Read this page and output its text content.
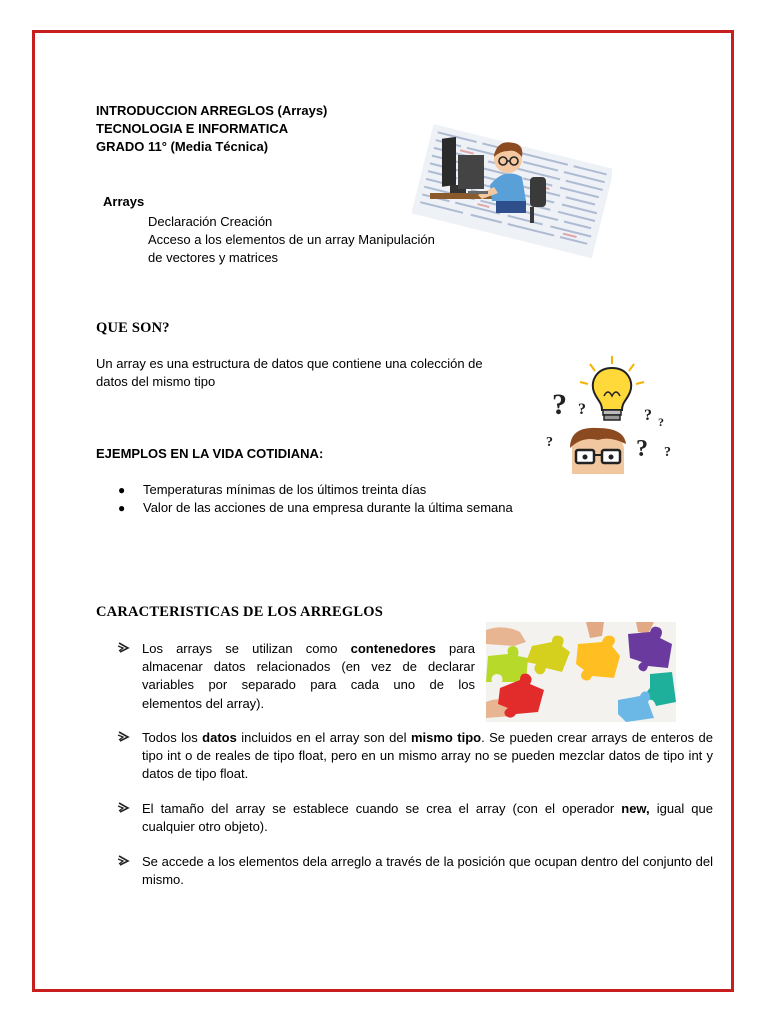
INTRODUCCION ARREGLOS (Arrays)
TECNOLOGIA E INFORMATICA
GRADO 11° (Media Técnica)
Arrays
Declaración Creación
Acceso a los elementos de un array Manipulación
de vectores y matrices
QUE SON?
Un array es una estructura de datos que contiene una colección de
datos del mismo tipo
? ?
?
? ?
? ?
EJEMPLOS EN LA VIDA COTIDIANA:
● Temperaturas mínimas de los últimos treinta días
● Valor de las acciones de una empresa durante la última semana
CARACTERISTICAS DE LOS ARREGLOS
Los arrays se utilizan como contenedores para
almacenar datos relacionados (en vez de declarar
variables por separado para cada uno de los
elementos del array).
Todos los datos incluidos en el array son del mismo tipo. Se pueden crear arrays de enteros de tipo int o de reales de tipo float, pero en un mismo array no se pueden mezclar datos de tipo int y datos de tipo float.
El tamaño del array se establece cuando se crea el array (con el operador new, igual que cualquier otro objeto).
Se accede a los elementos dela arreglo a través de la posición que ocupan dentro del conjunto del mismo.
